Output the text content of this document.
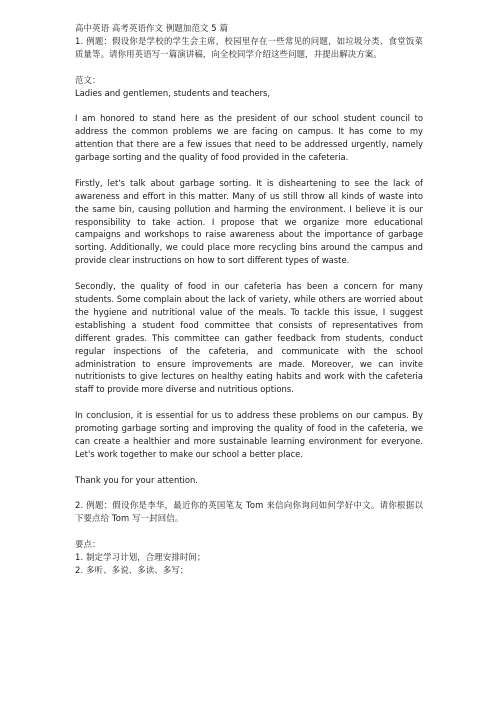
高中英语 高考英语作文 例题加范文 5 篇

1. 例题：假设你是学校的学生会主席，校园里存在一些常见的问题，如垃圾分类、食堂饭菜质量等。请你用英语写一篇演讲稿，向全校同学介绍这些问题，并提出解决方案。

范文：

Ladies and gentlemen, students and teachers,

I am honored to stand here as the president of our school student council to address the common problems we are facing on campus. It has come to my attention that there are a few issues that need to be addressed urgently, namely garbage sorting and the quality of food provided in the cafeteria.

Firstly, let's talk about garbage sorting. It is disheartening to see the lack of awareness and effort in this matter. Many of us still throw all kinds of waste into the same bin, causing pollution and harming the environment. I believe it is our responsibility to take action. I propose that we organize more educational campaigns and workshops to raise awareness about the importance of garbage sorting. Additionally, we could place more recycling bins around the campus and provide clear instructions on how to sort different types of waste.

Secondly, the quality of food in our cafeteria has been a concern for many students. Some complain about the lack of variety, while others are worried about the hygiene and nutritional value of the meals. To tackle this issue, I suggest establishing a student food committee that consists of representatives from different grades. This committee can gather feedback from students, conduct regular inspections of the cafeteria, and communicate with the school administration to ensure improvements are made. Moreover, we can invite nutritionists to give lectures on healthy eating habits and work with the cafeteria staff to provide more diverse and nutritious options.

In conclusion, it is essential for us to address these problems on our campus. By promoting garbage sorting and improving the quality of food in the cafeteria, we can create a healthier and more sustainable learning environment for everyone. Let's work together to make our school a better place.

Thank you for your attention.

2. 例题：假设你是李华，最近你的英国笔友 Tom 来信向你询问如何学好中文。请你根据以下要点给 Tom 写一封回信。

要点：

1. 制定学习计划，合理安排时间；

2. 多听、多说、多读、多写；
